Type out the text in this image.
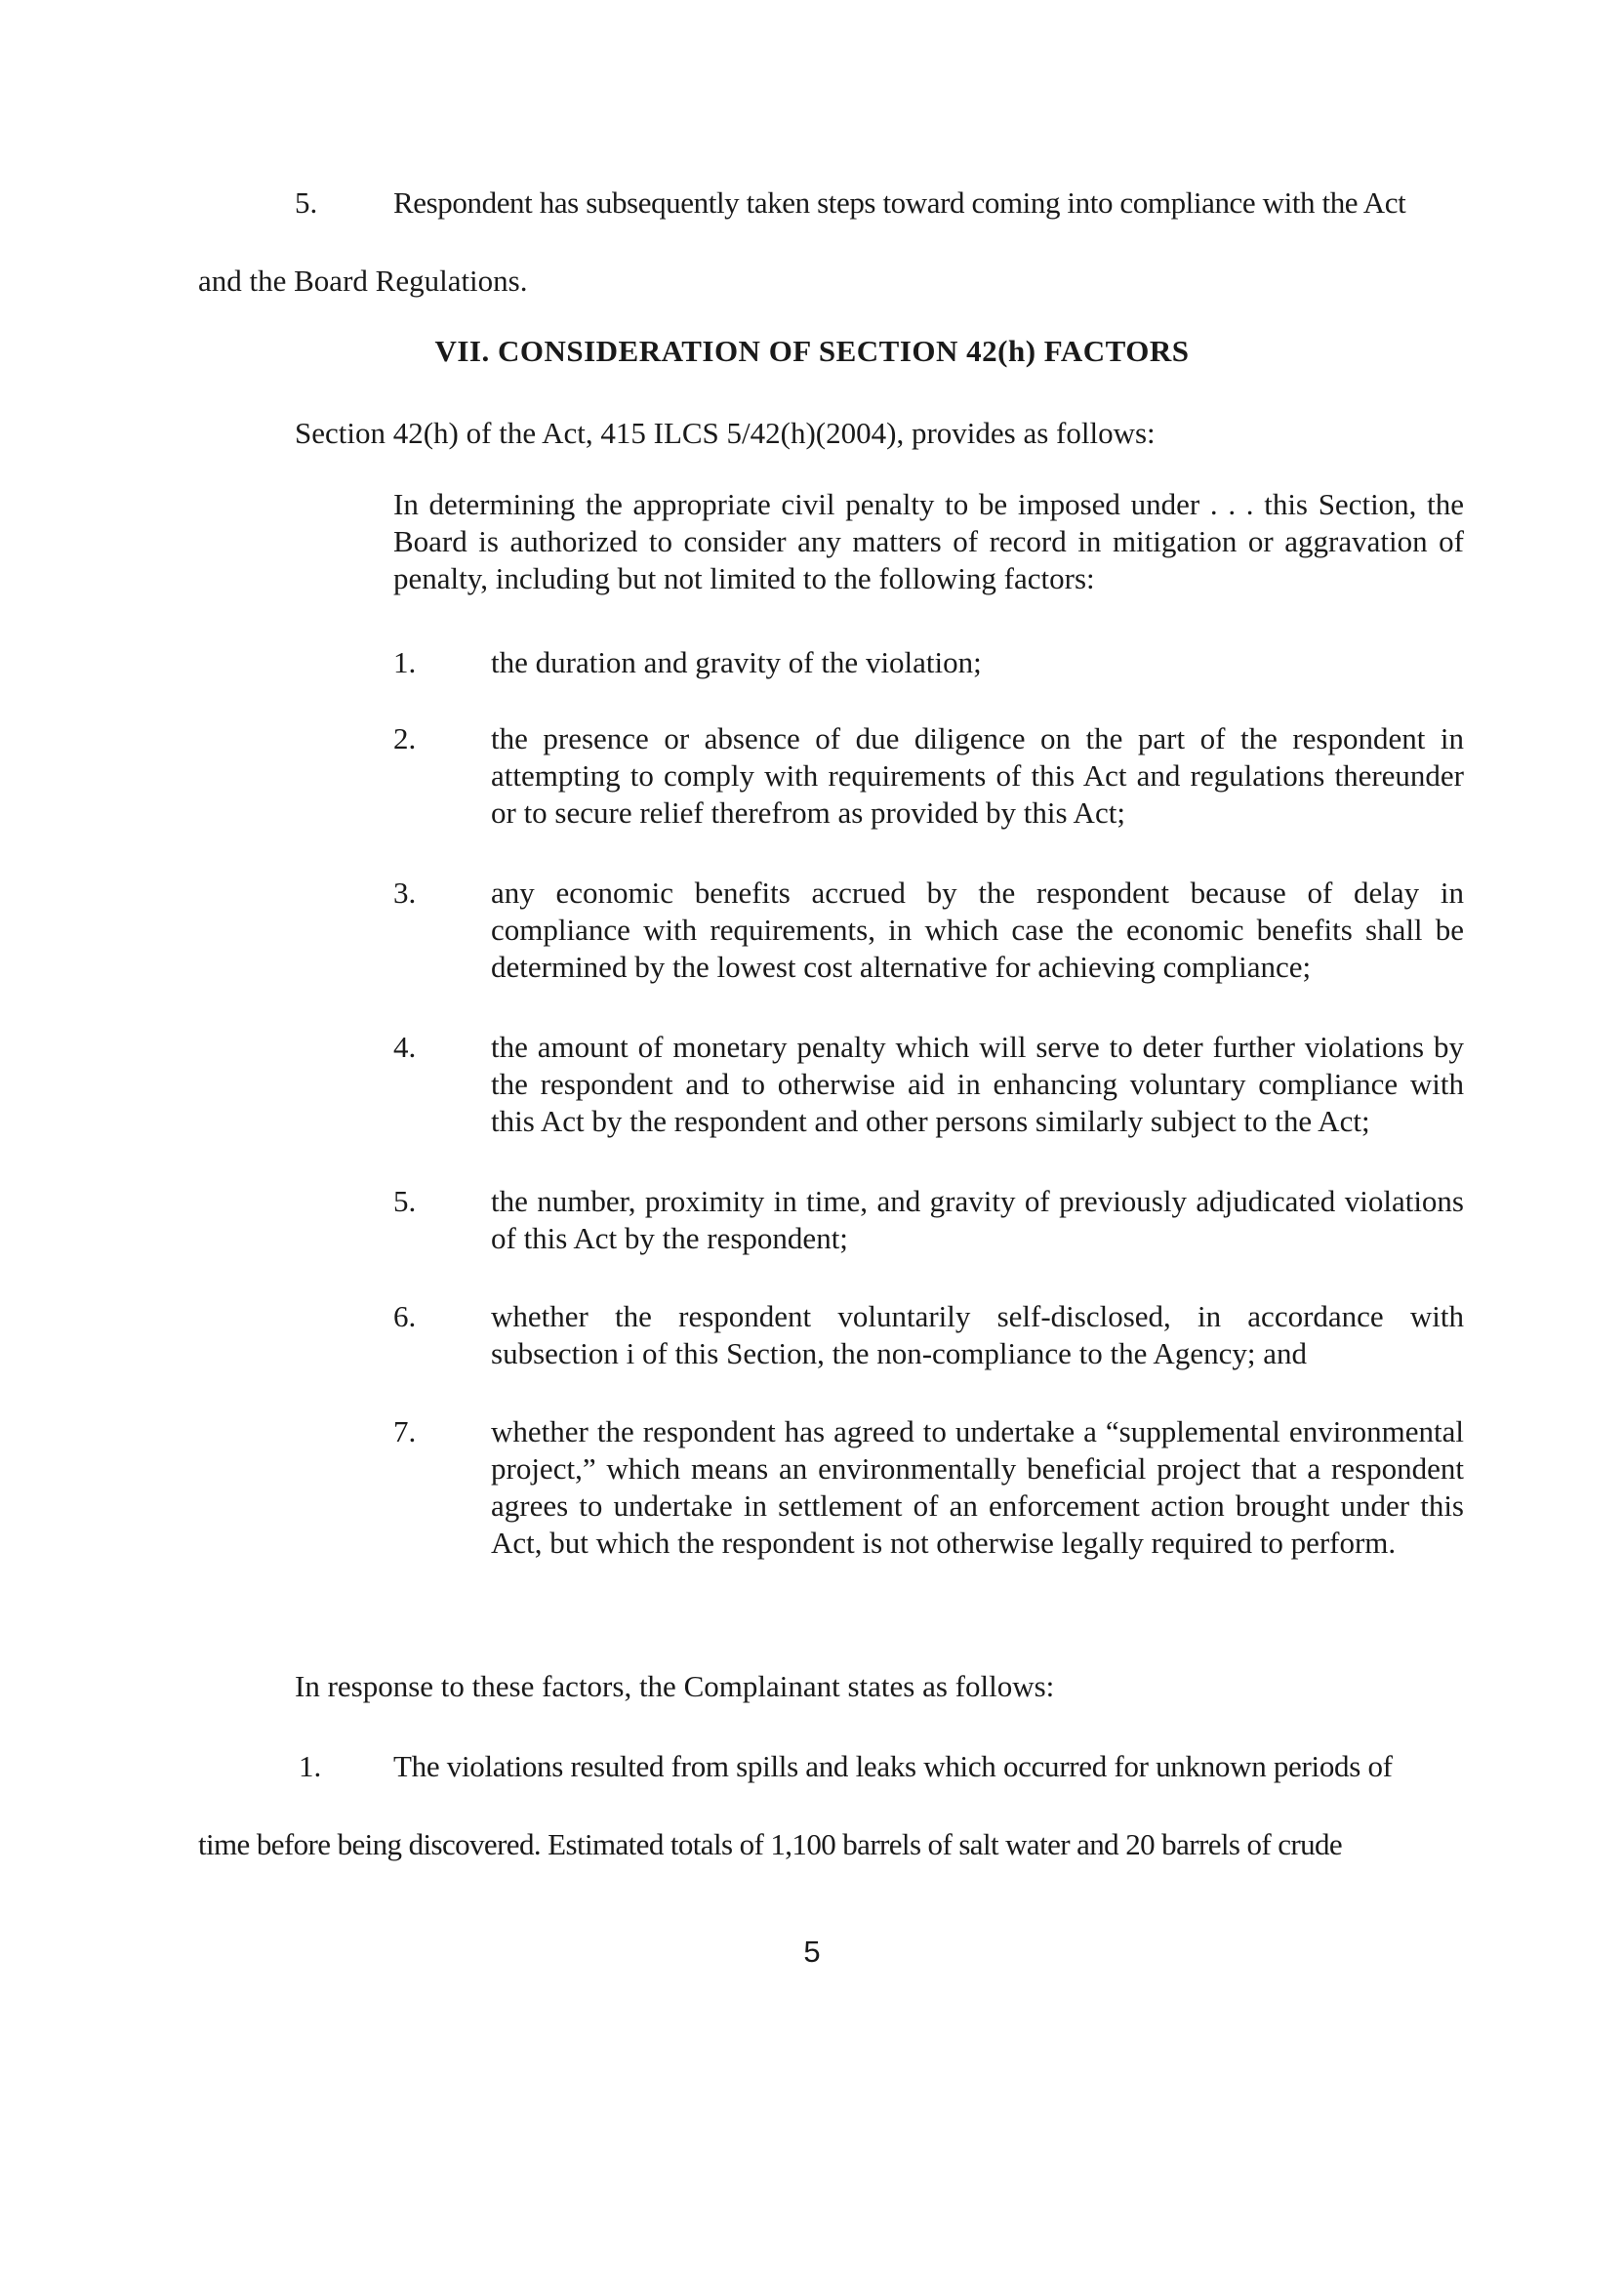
5.	Respondent has subsequently taken steps toward coming into compliance with the Act
and the Board Regulations.
VII. CONSIDERATION OF SECTION 42(h) FACTORS
Section 42(h) of the Act, 415 ILCS 5/42(h)(2004), provides as follows:
In determining the appropriate civil penalty to be imposed under . . . this Section, the Board is authorized to consider any matters of record in mitigation or aggravation of penalty, including but not limited to the following factors:
1. the duration and gravity of the violation;
2. the presence or absence of due diligence on the part of the respondent in attempting to comply with requirements of this Act and regulations thereunder or to secure relief therefrom as provided by this Act;
3. any economic benefits accrued by the respondent because of delay in compliance with requirements, in which case the economic benefits shall be determined by the lowest cost alternative for achieving compliance;
4. the amount of monetary penalty which will serve to deter further violations by the respondent and to otherwise aid in enhancing voluntary compliance with this Act by the respondent and other persons similarly subject to the Act;
5. the number, proximity in time, and gravity of previously adjudicated violations of this Act by the respondent;
6. whether the respondent voluntarily self-disclosed, in accordance with subsection i of this Section, the non-compliance to the Agency; and
7. whether the respondent has agreed to undertake a “supplemental environmental project,” which means an environmentally beneficial project that a respondent agrees to undertake in settlement of an enforcement action brought under this Act, but which the respondent is not otherwise legally required to perform.
In response to these factors, the Complainant states as follows:
1. The violations resulted from spills and leaks which occurred for unknown periods of
time before being discovered. Estimated totals of 1,100 barrels of salt water and 20 barrels of crude
5
